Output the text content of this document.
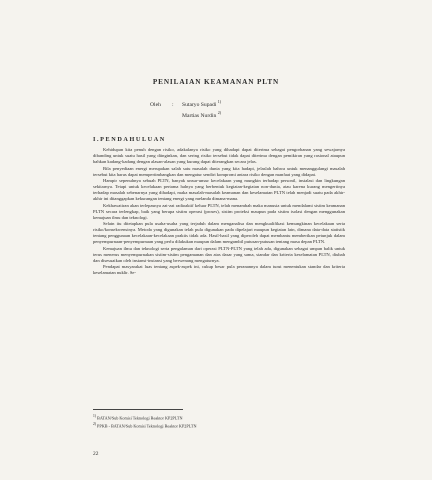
PENILAIAN KEAMANAN PLTN
Oleh : Sutaryo Supadi $^{1)}$
Martias Nurdin $^{2)}$
I.PENDAHULUAN

Kehidupan kita penuh dengan risiko, adakalanya risiko yang dihadapi dapat diterima sebagai pengorbanan yang sewajarnya dibanding untuk suatu hasil yang diinginkan, dan sering risiko tersebut tidak dapat diterima dengan pemikiran yang rasional ataupun bahkan kadang-kadang dengan alasan-alasan yang kurang dapat diterangkan secara jelas.

Bila penyediaan energi merupakan salah satu masalah dunia yang kita hadapi, jelaslah bahwa untuk menanggulangi masalah tersebut kita harus dapat mempertimbangkan dan mengatur sendiri kompromi antara risiko dengan manfaat yang didapat.

Hampir sepenuhnya sebuah PLTN, banyak unsur-unsur kecelakaan yang mungkin terhadap personil, instalasi dan lingkungan sekitarnya. Tetapi untuk kecelakaan pertama halnya yang berbentuk kegiatan-kegiatan non-dunia, atau karena kurang mengertinya terhadap masalah sebenarnya yang dihadapi, maka masalah-masalah keamanan dan keselamatan PLTN telah menjadi suatu pada akhir-akhir ini ditanggapkan kekurangan tentang energi yang melanda dimana-mana.

Kekhawatiran akan terlepasnya zat-zat radioaktif keluar PLTN, telah menambah maka manusia untuk mendalami sistim keamanan PLTN secara terlengkap, baik yang berupa sistim operasi (proses), sistim proteksi maupun pada sistim isolasi dengan menggunakan kemajuan ilmu dan teknologi.

Selain itu ditetapkan pula usaha-usaha yang terjaduh dalam menganalisa dan mengkualifikasi kemungkinan kecelakaan serta risiko/konsekwensinya. Metoda yang digunakan telah pula digunakan pada dipelajari maupun kegiatan lain, dimana data-data statistik tentang penggunaan kecelakaan-kecelakaan praktis tidak ada. Hasil-hasil yang diperoleh dapat membantu memberikan petunjuk dalam penyempurnaan-penyempurnaan yang perlu dilakukan maupun dalam mengambil putusan-putusan tentang masa depan PLTN.

Kemajuan ilmu dan teknologi serta pengalaman dari operasi PLTN-PLTN yang telah ada, digunakan sebagai umpan balik untuk terus menerus menyempurnakan sistim-sistim pengamanan dan atas dasar yang sama, standar dan kriteria keselamatan PLTN, diubah dan disesuaikan oleh instansi-instansi yang berwenang mengaturnya.

Pendapat masyarakat luas tentang aspek-aspek ini, cukup besar pula peranannya dalam turut menentukan standar dan kriteria keselamatan nuklir. Se-

$^{1)}$ BATAN/Sub Komisi Teknologi Reaktor KP2PLTN
$^{2)}$ PPKB - BATAN/Sub Komisi Teknologi Reaktor KP2PLTN
22
